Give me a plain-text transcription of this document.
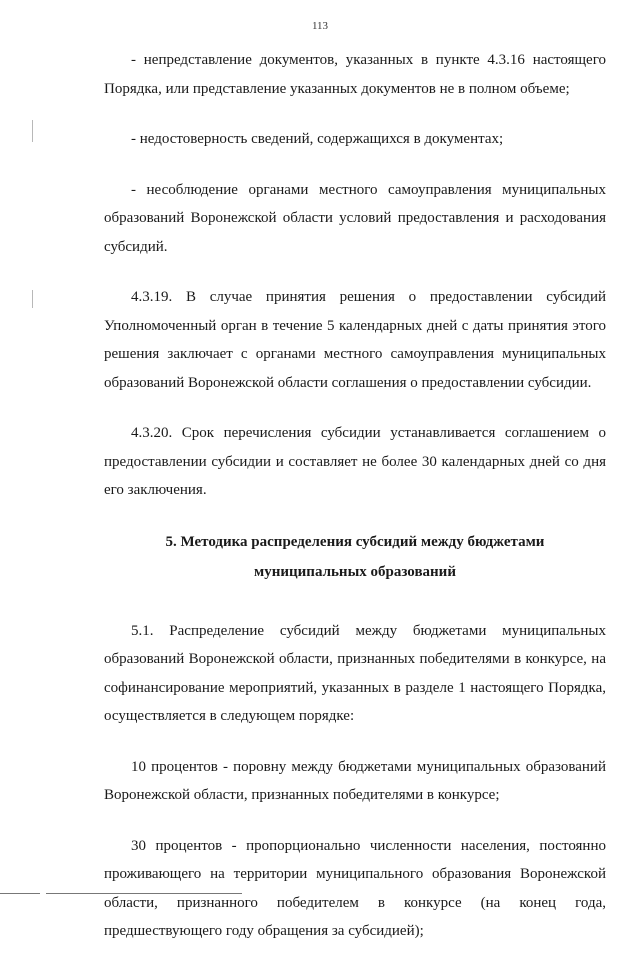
113

- непредставление документов, указанных в пункте 4.3.16 настоящего Порядка, или представление указанных документов не в полном объеме;

- недостоверность сведений, содержащихся в документах;

- несоблюдение органами местного самоуправления муниципальных образований Воронежской области условий предоставления и расходования субсидий.

4.3.19. В случае принятия решения о предоставлении субсидий Уполномоченный орган в течение 5 календарных дней с даты принятия этого решения заключает с органами местного самоуправления муниципальных образований Воронежской области соглашения о предоставлении субсидии.

4.3.20. Срок перечисления субсидии устанавливается соглашением о предоставлении субсидии и составляет не более 30 календарных дней со дня его заключения.

5. Методика распределения субсидий между бюджетами
муниципальных образований

5.1. Распределение субсидий между бюджетами муниципальных образований Воронежской области, признанных победителями в конкурсе, на софинансирование мероприятий, указанных в разделе 1 настоящего Порядка, осуществляется в следующем порядке:

10 процентов - поровну между бюджетами муниципальных образований Воронежской области, признанных победителями в конкурсе;

30 процентов - пропорционально численности населения, постоянно проживающего на территории муниципального образования Воронежской области, признанного победителем в конкурсе (на конец года, предшествующего году обращения за субсидией);
